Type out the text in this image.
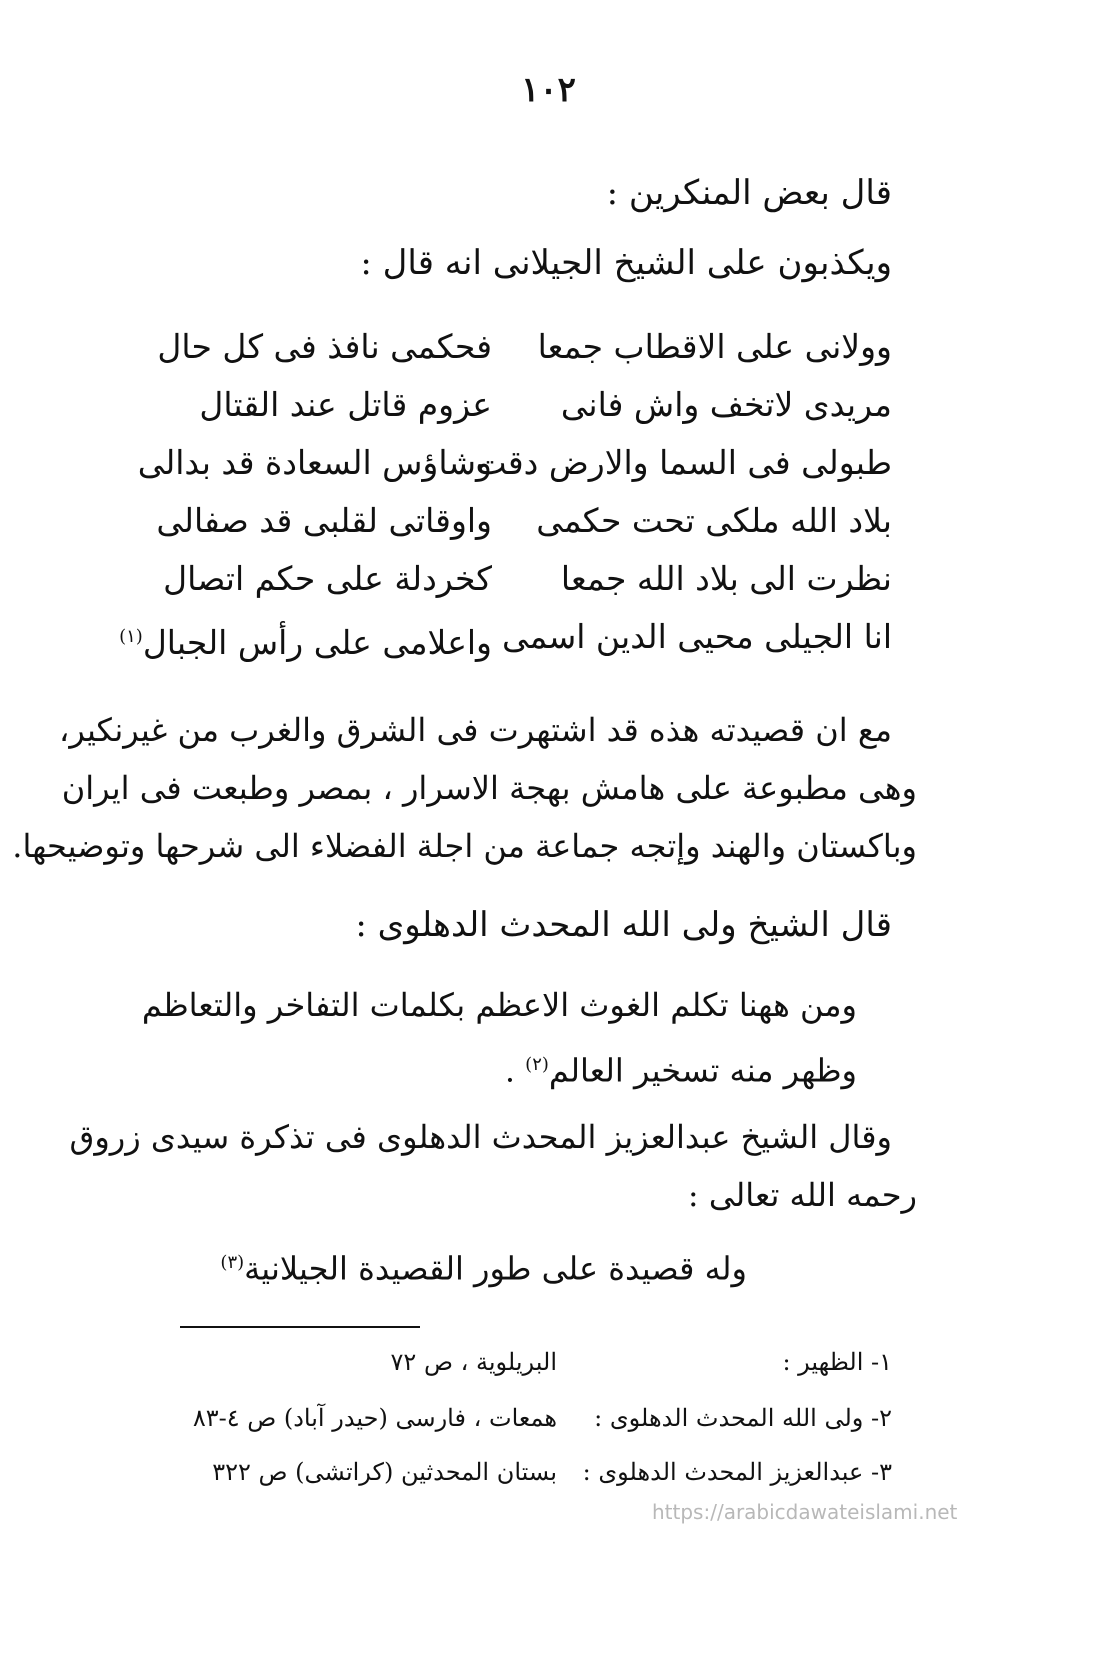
١٠٢
قال بعض المنكرين :
ويكذبون على الشيخ الجيلانى انه قال :
وولانى على الاقطاب جمعا
فحكمى نافذ فى كل حال
مريدى لاتخف واش فانى
عزوم قاتل عند القتال
طبولى فى السما والارض دقت
وشاؤس السعادة قد بدالى
بلاد الله ملكى تحت حكمى
واوقاتى لقلبى قد صفالى
نظرت الى بلاد الله جمعا
كخردلة على حكم اتصال
انا الجيلى محيى الدين اسمى
واعلامى على رأس الجبال$^{(١)}$
مع ان قصيدته هذه قد اشتهرت فى الشرق والغرب من غيرنكير،
وهى مطبوعة على هامش بهجة الاسرار ، بمصر وطبعت فى ايران
وباكستان والهند وإتجه جماعة من اجلة الفضلاء الى شرحها وتوضيحها.
قال الشيخ ولى الله المحدث الدهلوى :
ومن ههنا تكلم الغوث الاعظم بكلمات التفاخر والتعاظم
وظهر منه تسخير العالم$^{(٢)}$ .
وقال الشيخ عبدالعزيز المحدث الدهلوى فى تذكرة سيدى زروق
رحمه الله تعالى :
وله قصيدة على طور القصيدة الجيلانية$^{(٣)}$
١- الظهير :
البريلوية ، ص ٧٢
٢- ولى الله المحدث الدهلوى :
همعات ، فارسى (حيدر آباد) ص ٤-٨٣
٣- عبدالعزيز المحدث الدهلوى :
بستان المحدثين (كراتشى) ص ٣٢٢
https://arabicdawateislami.net
